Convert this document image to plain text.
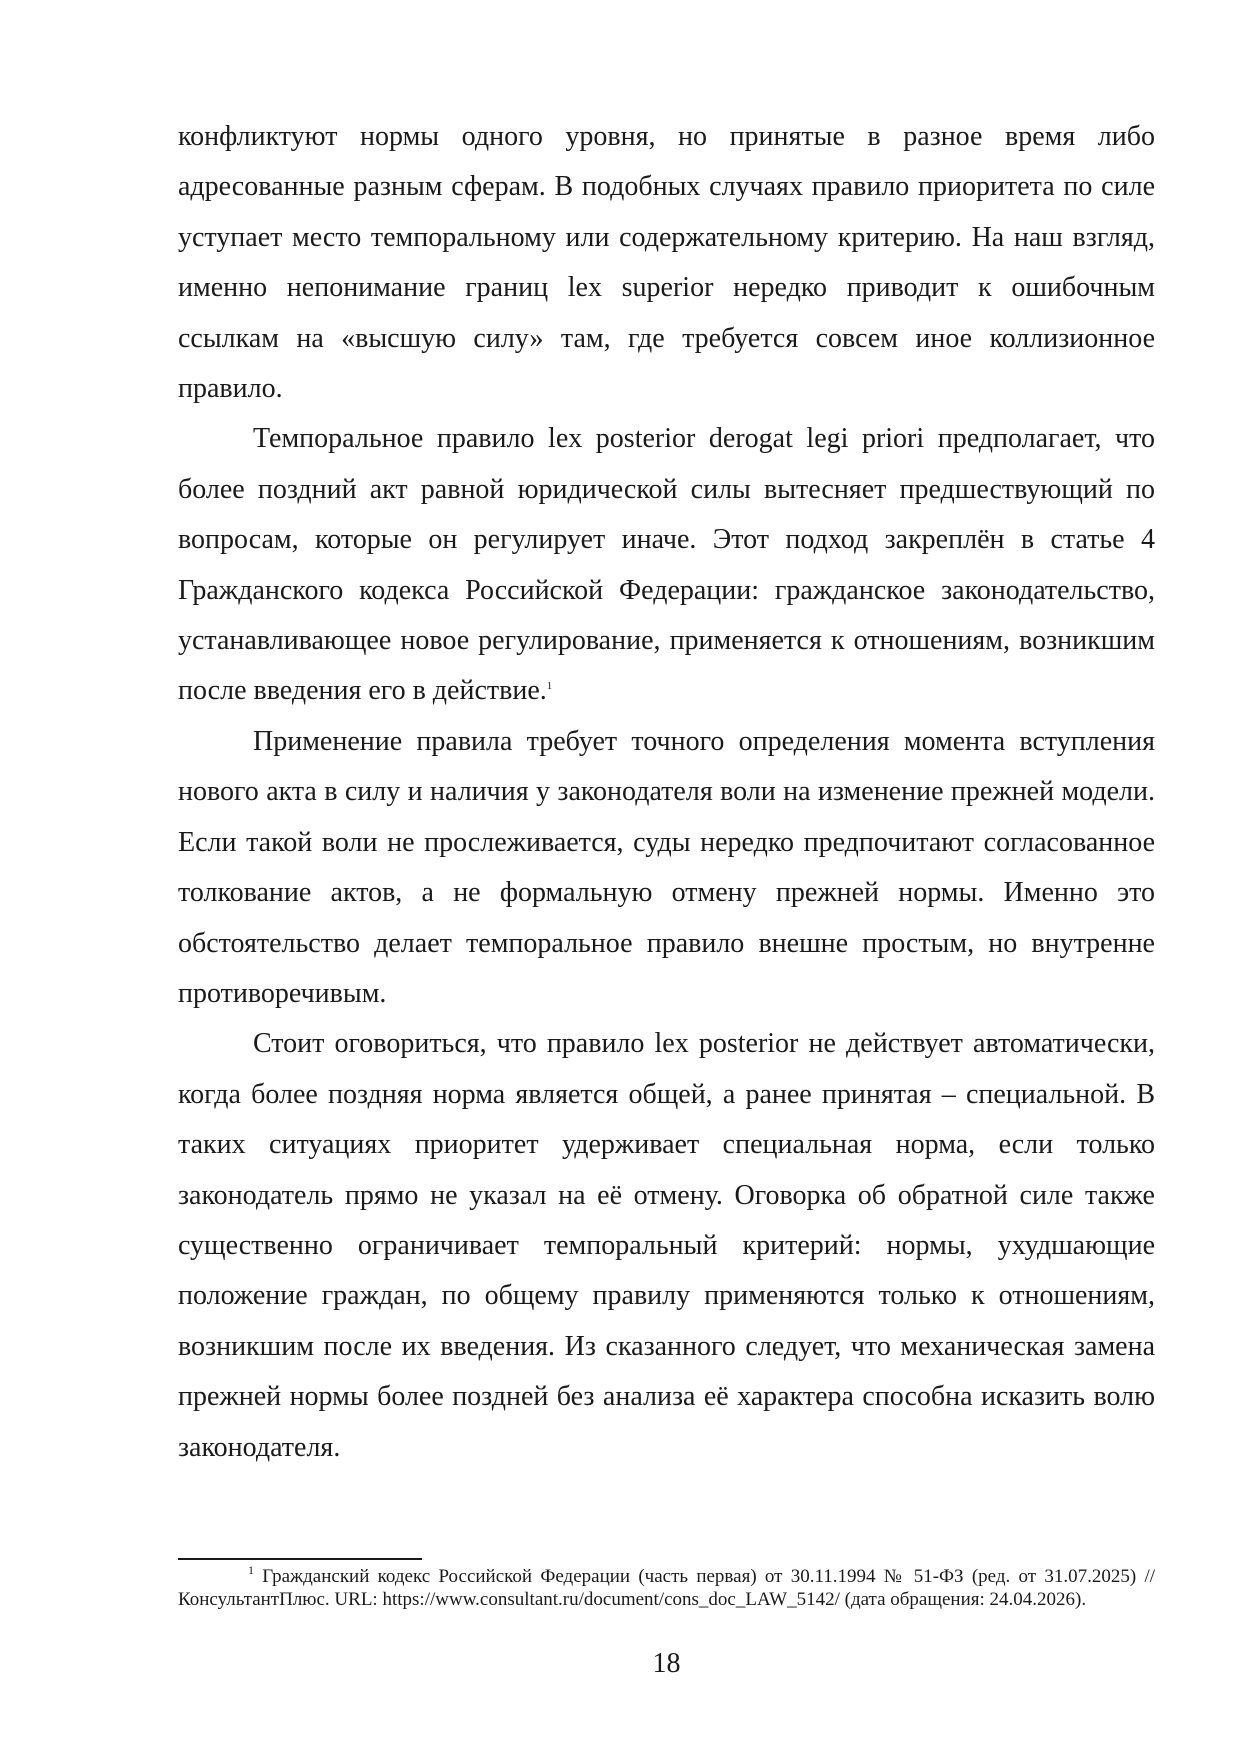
конфликтуют нормы одного уровня, но принятые в разное время либо адресованные разным сферам. В подобных случаях правило приоритета по силе уступает место темпоральному или содержательному критерию. На наш взгляд, именно непонимание границ lex superior нередко приводит к ошибочным ссылкам на «высшую силу» там, где требуется совсем иное коллизионное правило.

Темпоральное правило lex posterior derogat legi priori предполагает, что более поздний акт равной юридической силы вытесняет предшествующий по вопросам, которые он регулирует иначе. Этот подход закреплён в статье 4 Гражданского кодекса Российской Федерации: гражданское законодательство, устанавливающее новое регулирование, применяется к отношениям, возникшим после введения его в действие.$^1$

Применение правила требует точного определения момента вступления нового акта в силу и наличия у законодателя воли на изменение прежней модели. Если такой воли не прослеживается, суды нередко предпочитают согласованное толкование актов, а не формальную отмену прежней нормы. Именно это обстоятельство делает темпоральное правило внешне простым, но внутренне противоречивым.

Стоит оговориться, что правило lex posterior не действует автоматически, когда более поздняя норма является общей, а ранее принятая – специальной. В таких ситуациях приоритет удерживает специальная норма, если только законодатель прямо не указал на её отмену. Оговорка об обратной силе также существенно ограничивает темпоральный критерий: нормы, ухудшающие положение граждан, по общему правилу применяются только к отношениям, возникшим после их введения. Из сказанного следует, что механическая замена прежней нормы более поздней без анализа её характера способна исказить волю законодателя.

$^1$ Гражданский кодекс Российской Федерации (часть первая) от 30.11.1994 № 51-ФЗ (ред. от 31.07.2025) // КонсультантПлюс. URL: https://www.consultant.ru/document/cons_doc_LAW_5142/ (дата обращения: 24.04.2026).

18
